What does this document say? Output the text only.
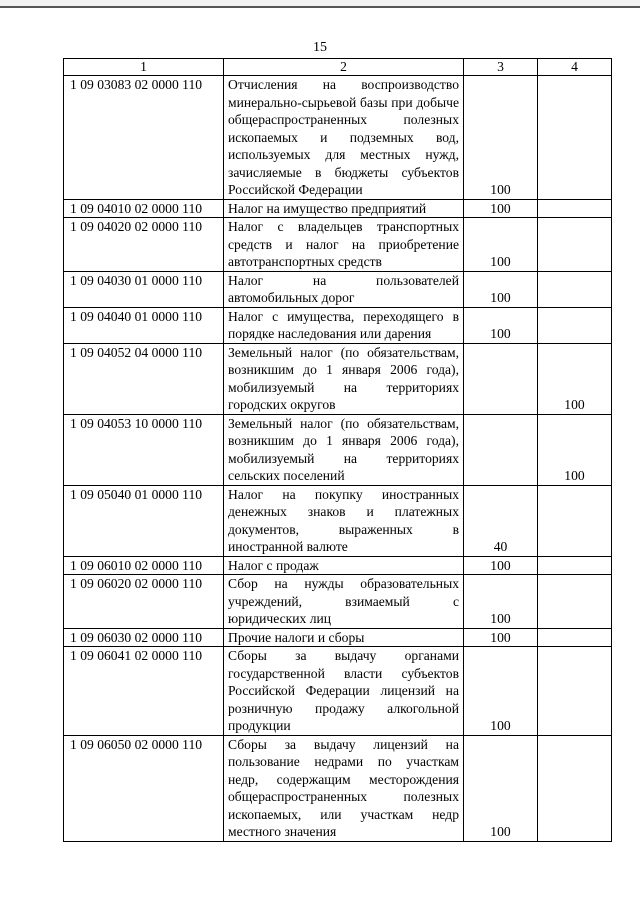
15
1	2	3	4
1 09 03083 02 0000 110	Отчисления на воспроизводство минерально-сырьевой базы при добыче общераспространенных полезных ископаемых и подземных вод, используемых для местных нужд, зачисляемые в бюджеты субъектов Российской Федерации	100	
1 09 04010 02 0000 110	Налог на имущество предприятий	100	
1 09 04020 02 0000 110	Налог с владельцев транспортных средств и налог на приобретение автотранспортных средств	100	
1 09 04030 01 0000 110	Налог на пользователей автомобильных дорог	100	
1 09 04040 01 0000 110	Налог с имущества, переходящего в порядке наследования или дарения	100	
1 09 04052 04 0000 110	Земельный налог (по обязательствам, возникшим до 1 января 2006 года), мобилизуемый на территориях городских округов		100
1 09 04053 10 0000 110	Земельный налог (по обязательствам, возникшим до 1 января 2006 года), мобилизуемый на территориях сельских поселений		100
1 09 05040 01 0000 110	Налог на покупку иностранных денежных знаков и платежных документов, выраженных в иностранной валюте	40	
1 09 06010 02 0000 110	Налог с продаж	100	
1 09 06020 02 0000 110	Сбор на нужды образовательных учреждений, взимаемый с юридических лиц	100	
1 09 06030 02 0000 110	Прочие налоги и сборы	100	
1 09 06041 02 0000 110	Сборы за выдачу органами государственной власти субъектов Российской Федерации лицензий на розничную продажу алкогольной продукции	100	
1 09 06050 02 0000 110	Сборы за выдачу лицензий на пользование недрами по участкам недр, содержащим месторождения общераспространенных полезных ископаемых, или участкам недр местного значения	100	
